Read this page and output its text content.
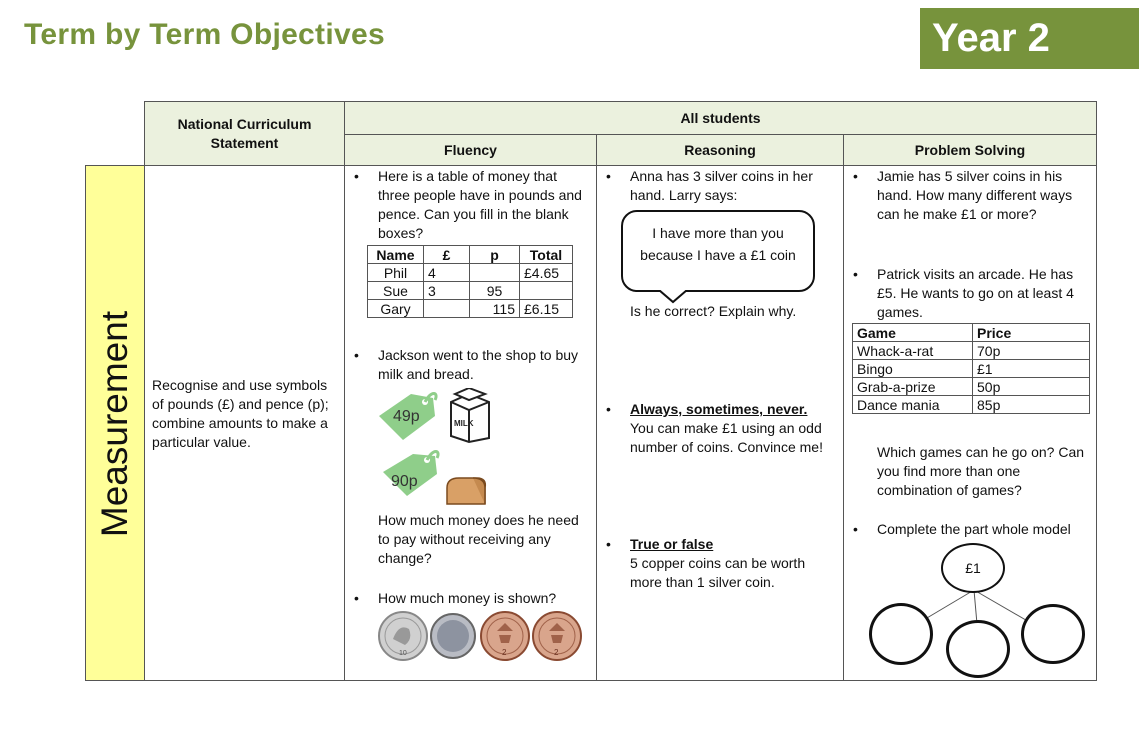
Term by Term Objectives	Year 2
National Curriculum Statement
All students
Fluency	Reasoning	Problem Solving
Measurement Recognise and use symbols of pounds (£) and pence (p); combine amounts to make a particular value.
• Here is a table of money that three people have in pounds and pence. Can you fill in the blank boxes?
Name	£	p	Total
Phil	4		£4.65
Sue	3	95	
Gary		115	£6.15
• Jackson went to the shop to buy milk and bread.
49p	MILK
90p
How much money does he need to pay without receiving any change?
• How much money is shown?
10	2	2
• Anna has 3 silver coins in her hand. Larry says:
I have more than you because I have a £1 coin
Is he correct? Explain why.
• Always, sometimes, never.
You can make £1 using an odd number of coins. Convince me!
• True or false
5 copper coins can be worth more than 1 silver coin.
• Jamie has 5 silver coins in his hand. How many different ways can he make £1 or more?
• Patrick visits an arcade. He has £5. He wants to go on at least 4 games.
Game	Price
Whack-a-rat	70p
Bingo	£1
Grab-a-prize	50p
Dance mania	85p
Which games can he go on? Can you find more than one combination of games?
• Complete the part whole model
£1
